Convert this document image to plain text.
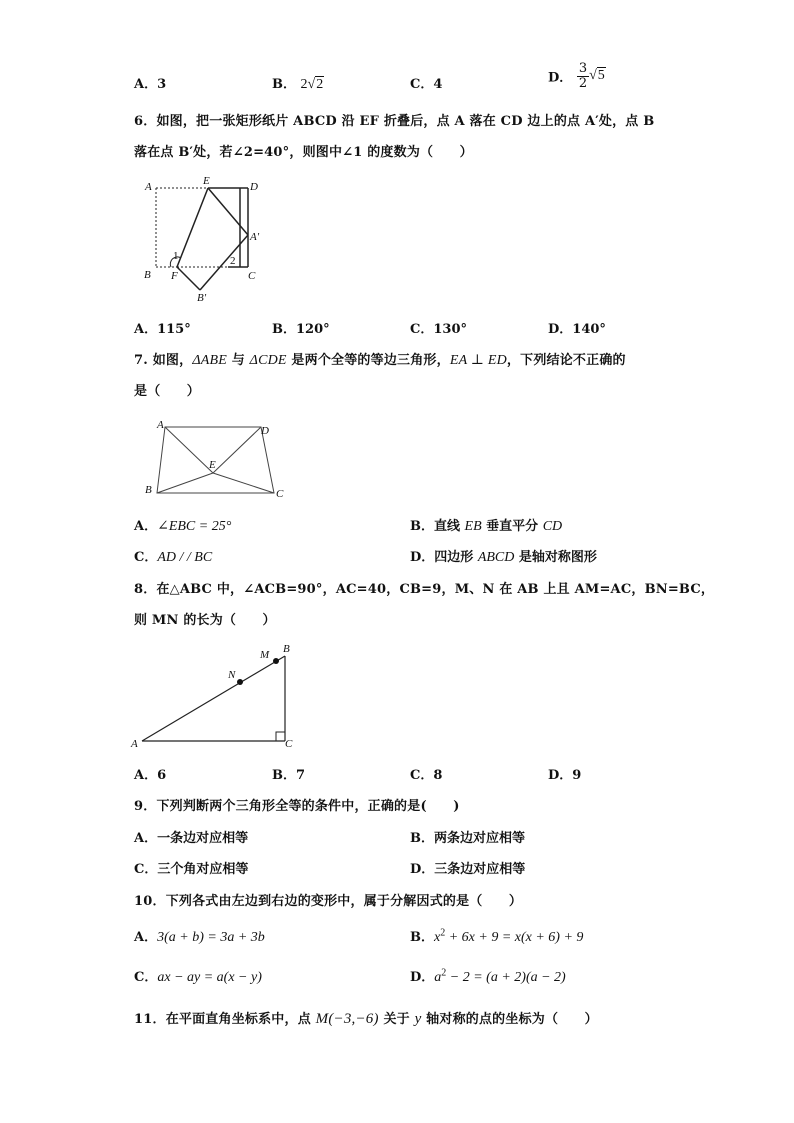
A．3	B． 2√2	C．4	D． $\frac{3}{2} √5$
6．如图，把一张矩形纸片 ABCD 沿 EF 折叠后，点 A 落在 CD 边上的点 A′处，点 B
落在点 B′处，若∠2=40°，则图中∠1 的度数为（　　）
A	E	D
A'
1	2
B F	C
B'
A．115°	B．120°	C．130°	D．140°
7. 如图，ΔABE 与 ΔCDE 是两个全等的等边三角形，EA ⊥ ED，下列结论不正确的
是（　　）
A	D
E
B	C
A．∠EBC = 25°	B．直线 EB 垂直平分 CD
C．AD / / BC	D．四边形 ABCD 是轴对称图形
8．在△ABC 中，∠ACB=90°，AC=40，CB=9，M、N 在 AB 上且 AM=AC，BN=BC，
则 MN 的长为（　　）
M B
N
A	C
A．6	B．7	C．8	D．9
9．下列判断两个三角形全等的条件中，正确的是(　　)
A．一条边对应相等	B．两条边对应相等
C．三个角对应相等	D．三条边对应相等
10．下列各式由左边到右边的变形中，属于分解因式的是（　　）
A．3(a + b) = 3a + 3b	B．$x^2 + 6x + 9 = x(x + 6) + 9$
C．ax − ay = a(x − y)	D．$a^2 - 2 = (a + 2)(a - 2)$
11．在平面直角坐标系中，点 M(−3,−6) 关于 y 轴对称的点的坐标为（　　）
